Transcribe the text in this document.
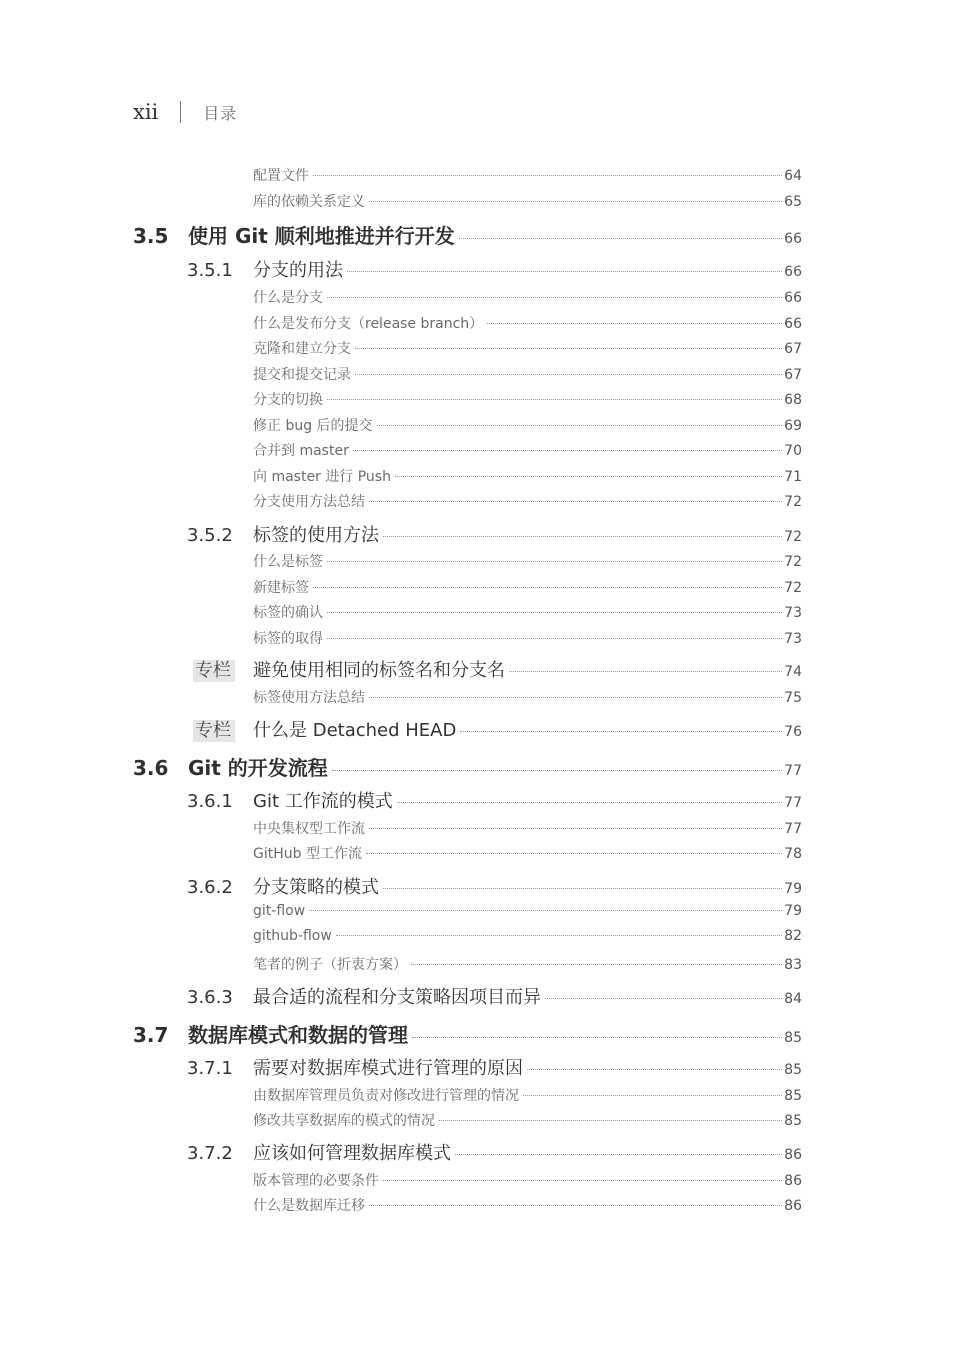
xii	目录
配置文件	64
库的依赖关系定义	65
3.5 使用 Git 顺利地推进并行开发	66
3.5.1	分支的用法	66
什么是分支	66
什么是发布分支（release branch）	66
克隆和建立分支	67
提交和提交记录	67
分支的切换	68
修正 bug 后的提交	69
合并到 master	70
向 master 进行 Push	71
分支使用方法总结	72
3.5.2	标签的使用方法	72
什么是标签	72
新建标签	72
标签的确认	73
标签的取得	73
专栏	避免使用相同的标签名和分支名	74
标签使用方法总结	75
专栏	什么是 Detached HEAD	76
3.6 Git 的开发流程	77
3.6.1	Git 工作流的模式	77
中央集权型工作流	77
GitHub 型工作流	78
3.6.2	分支策略的模式	79
git-flow	79
github-flow	82
笔者的例子（折衷方案）	83
3.6.3	最合适的流程和分支策略因项目而异	84
3.7 数据库模式和数据的管理	85
3.7.1	需要对数据库模式进行管理的原因	85
由数据库管理员负责对修改进行管理的情况	85
修改共享数据库的模式的情况	85
3.7.2	应该如何管理数据库模式	86
版本管理的必要条件	86
什么是数据库迁移	86
